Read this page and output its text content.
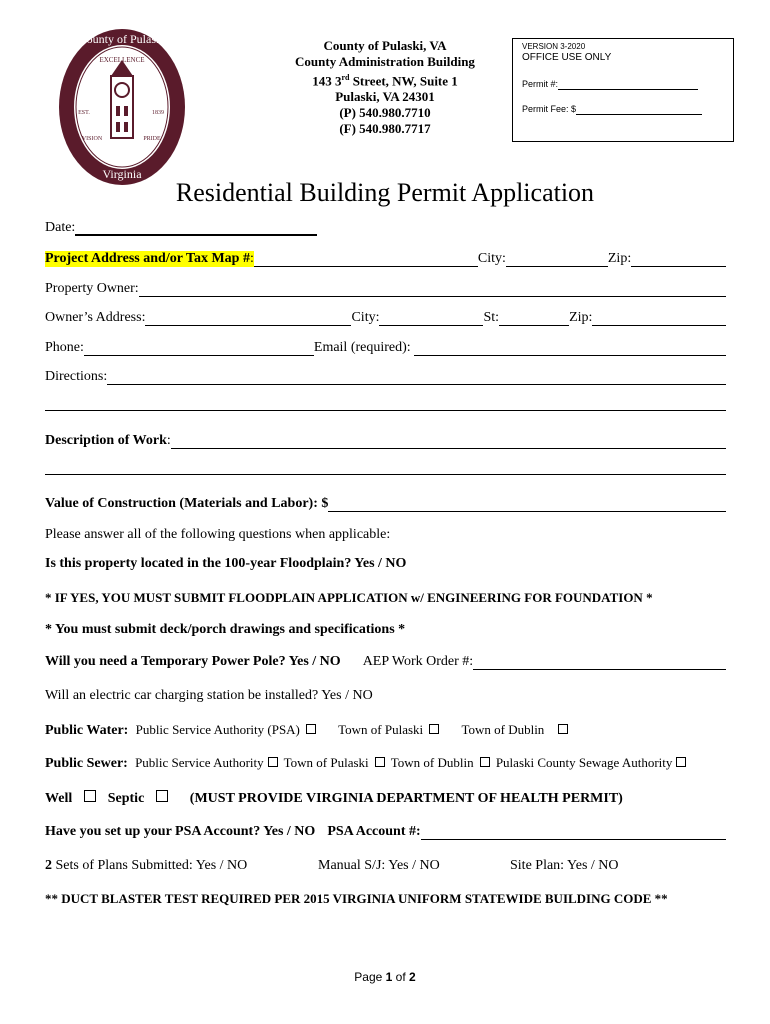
County of Pulaski
EXCELLENCE
EST.	1839
VISION	PRIDE
Virginia
County of Pulaski, VA
County Administration Building
143 3rd Street, NW, Suite 1
Pulaski, VA 24301
(P) 540.980.7710
(F) 540.980.7717
VERSION 3-2020
OFFICE USE ONLY
Permit #:
Permit Fee: $
Residential Building Permit Application
Date:
Project Address and/or Tax Map # :	City:	Zip:
Property Owner:
Owner’s Address:	City:	St:	Zip:
Phone:	Email (required):
Directions:
Description of Work :
Value of Construction (Materials and Labor) : $
Please answer all of the following questions when applicable:
Is this property located in the 100-year Floodplain? Yes / NO
* IF YES, YOU MUST SUBMIT FLOODPLAIN APPLICATION w/ ENGINEERING FOR FOUNDATION *
* You must submit deck/porch drawings and specifications *
Will you need a Temporary Power Pole? Yes / NO AEP Work Order #:
Will an electric car charging station be installed? Yes / NO
Public Water: Public Service Authority (PSA)	Town of Pulaski	Town of Dublin
Public Sewer: Public Service Authority Town of Pulaski Town of Dublin Pulaski County Sewage Authority
Well	Septic	(MUST PROVIDE VIRGINIA DEPARTMENT OF HEALTH PERMIT)
Have you set up your PSA Account? Yes / NO PSA Account #:
2 Sets of Plans Submitted: Yes / NO	Manual S/J: Yes / NO	Site Plan: Yes / NO
** DUCT BLASTER TEST REQUIRED PER 2015 VIRGINIA UNIFORM STATEWIDE BUILDING CODE **
Page 1 of 2
